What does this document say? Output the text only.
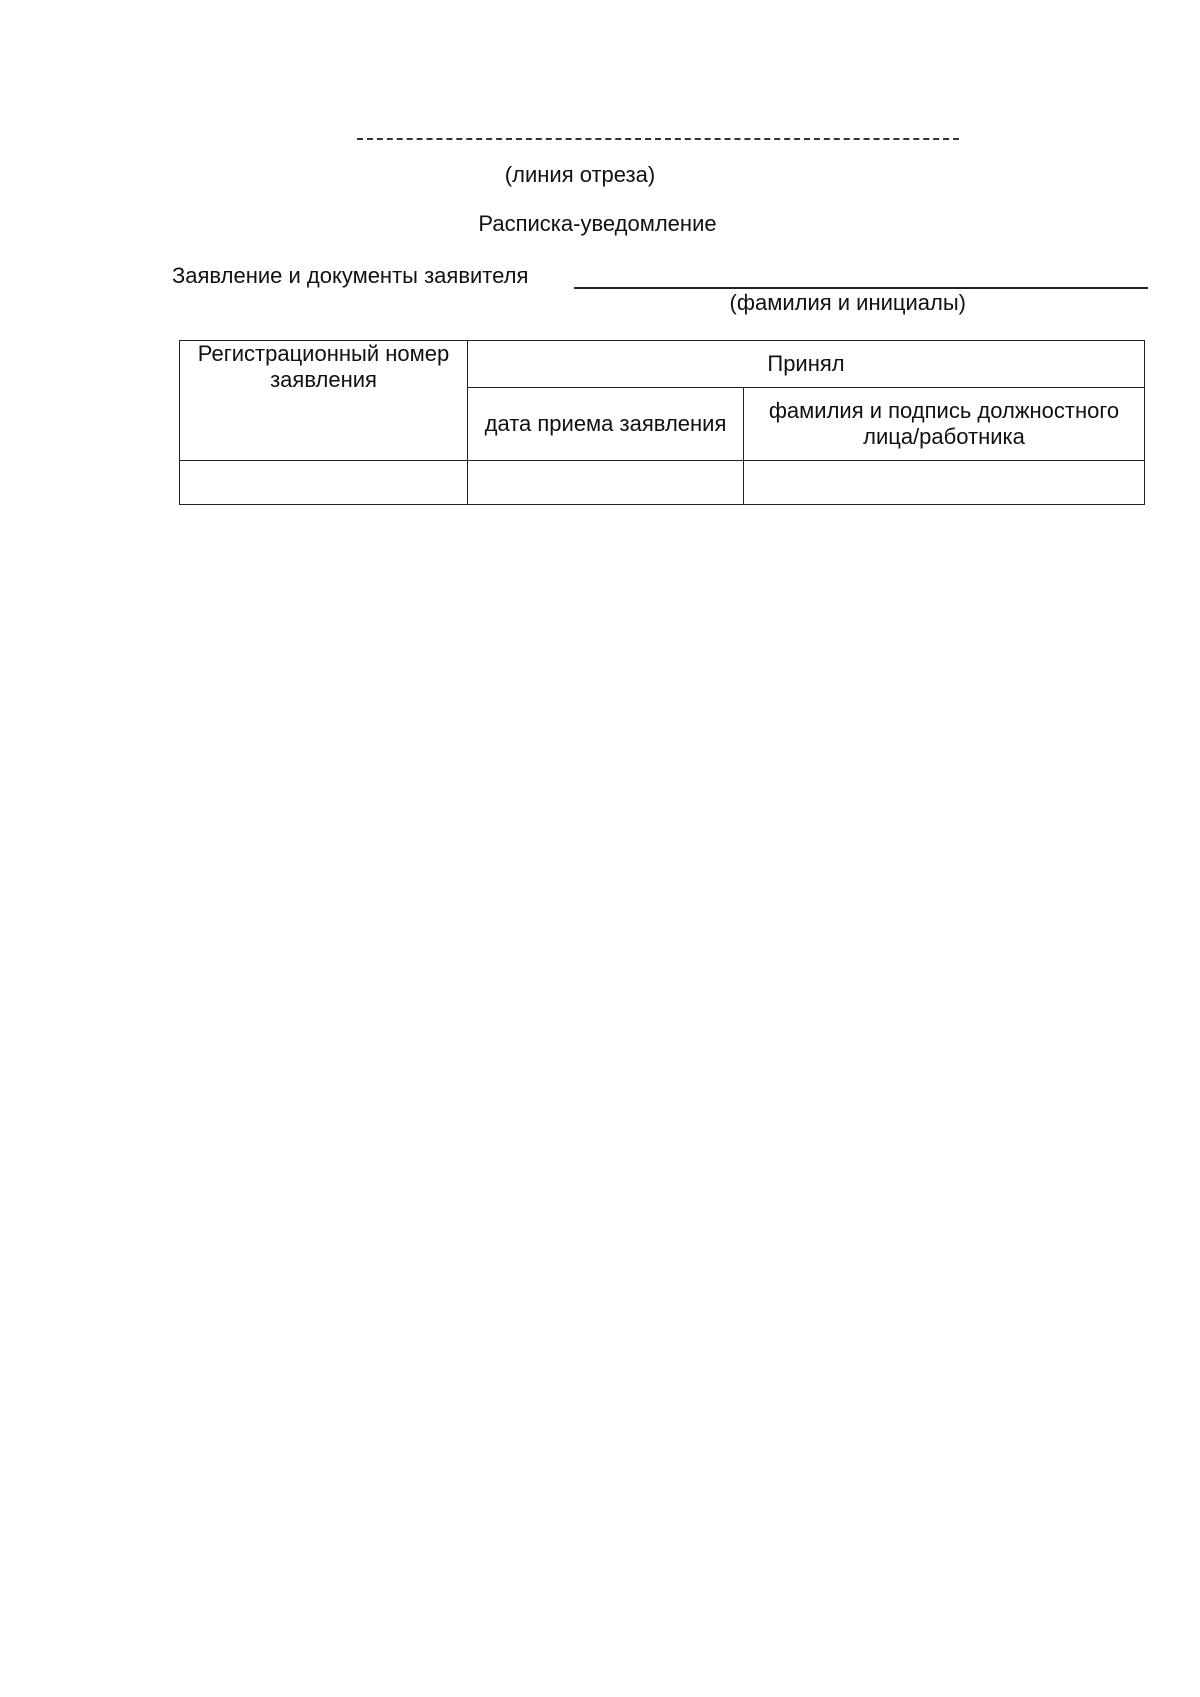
(линия отреза)
Расписка-уведомление
Заявление и документы заявителя
(фамилия и инициалы)
Регистрационный номер заявления	Принял	
	дата приема заявления	фамилия и подпись должностного лица/работника
